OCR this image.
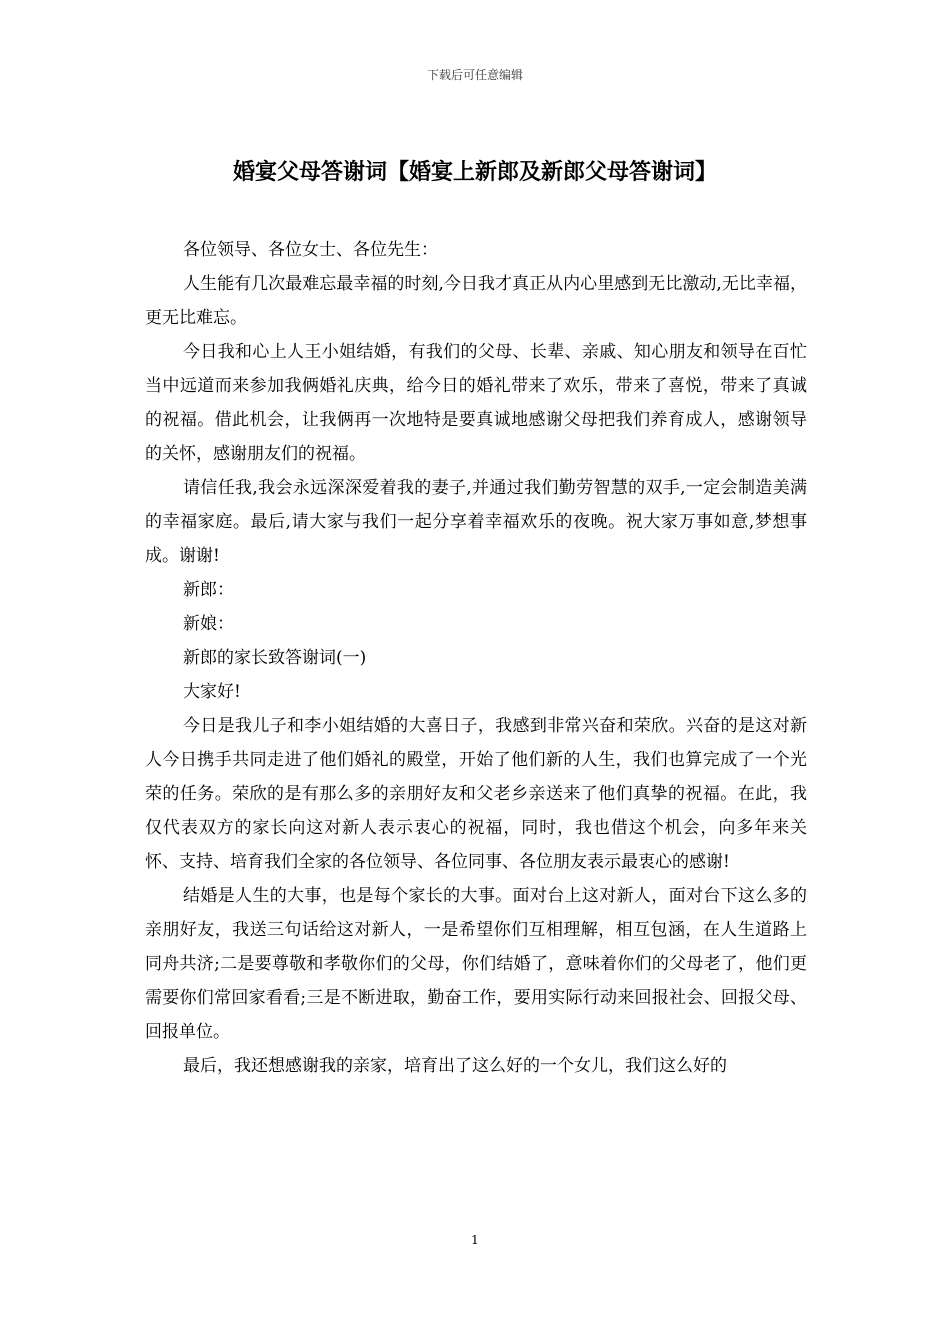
下载后可任意编辑
婚宴父母答谢词【婚宴上新郎及新郎父母答谢词】

各位领导、各位女士、各位先生：

人生能有几次最难忘最幸福的时刻,今日我才真正从内心里感到无比激动,无比幸福，更无比难忘。

今日我和心上人王小姐结婚，有我们的父母、长辈、亲戚、知心朋友和领导在百忙当中远道而来参加我俩婚礼庆典，给今日的婚礼带来了欢乐，带来了喜悦，带来了真诚的祝福。借此机会，让我俩再一次地特是要真诚地感谢父母把我们养育成人，感谢领导的关怀，感谢朋友们的祝福。

请信任我,我会永远深深爱着我的妻子,并通过我们勤劳智慧的双手,一定会制造美满的幸福家庭。最后,请大家与我们一起分享着幸福欢乐的夜晚。祝大家万事如意,梦想事成。谢谢!

新郎：

新娘：

新郎的家长致答谢词(一)

大家好!

今日是我儿子和李小姐结婚的大喜日子，我感到非常兴奋和荣欣。兴奋的是这对新人今日携手共同走进了他们婚礼的殿堂，开始了他们新的人生，我们也算完成了一个光荣的任务。荣欣的是有那么多的亲朋好友和父老乡亲送来了他们真挚的祝福。在此，我仅代表双方的家长向这对新人表示衷心的祝福，同时，我也借这个机会，向多年来关怀、支持、培育我们全家的各位领导、各位同事、各位朋友表示最衷心的感谢!

结婚是人生的大事，也是每个家长的大事。面对台上这对新人，面对台下这么多的亲朋好友，我送三句话给这对新人，一是希望你们互相理解，相互包涵，在人生道路上同舟共济;二是要尊敬和孝敬你们的父母，你们结婚了，意味着你们的父母老了，他们更需要你们常回家看看;三是不断进取，勤奋工作，要用实际行动来回报社会、回报父母、回报单位。

最后，我还想感谢我的亲家，培育出了这么好的一个女儿，我们这么好的

1
